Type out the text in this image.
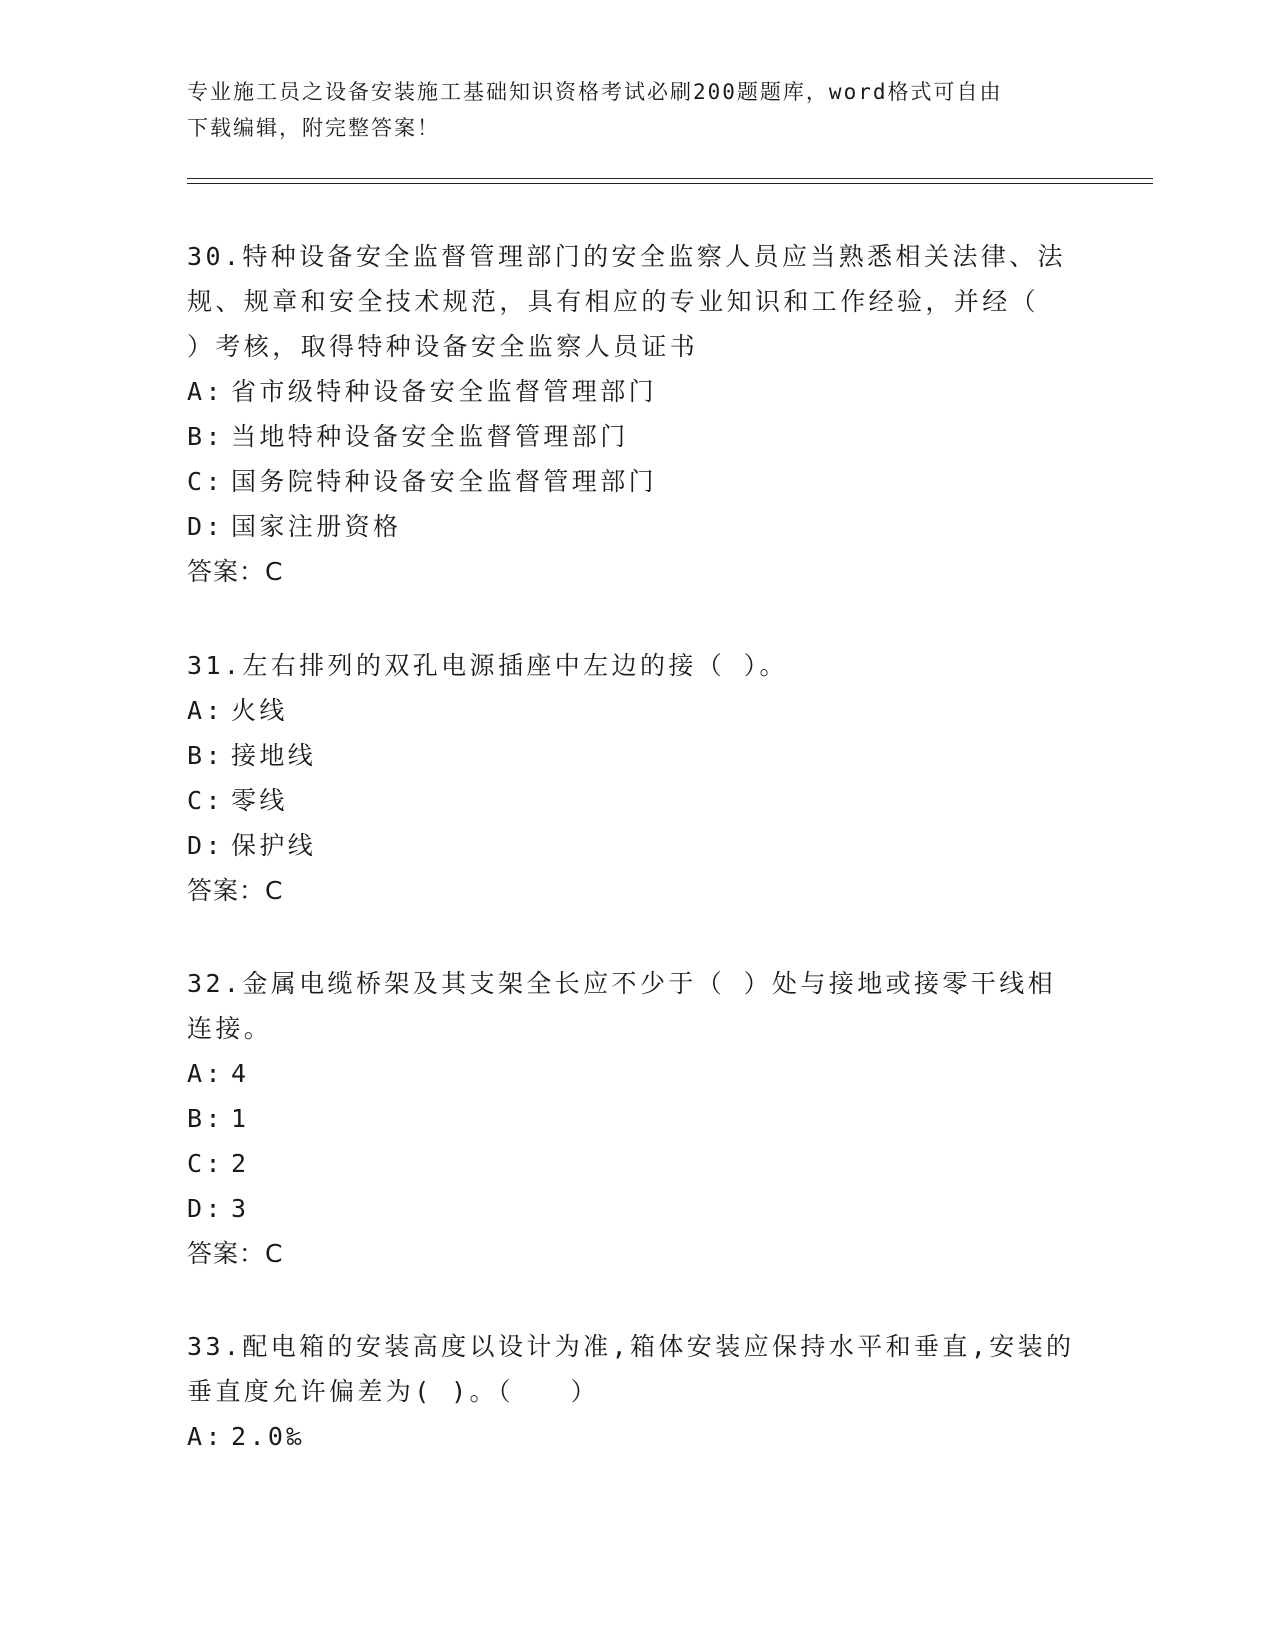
专业施工员之设备安装施工基础知识资格考试必刷200题题库，word格式可自由
下载编辑，附完整答案！
30.特种设备安全监督管理部门的安全监察人员应当熟悉相关法律、法
规、规章和安全技术规范，具有相应的专业知识和工作经验，并经（
）考核，取得特种设备安全监察人员证书
A: 省市级特种设备安全监督管理部门
B: 当地特种设备安全监督管理部门
C: 国务院特种设备安全监督管理部门
D: 国家注册资格
答案：C
31.左右排列的双孔电源插座中左边的接（ ）。
A: 火线
B: 接地线
C: 零线
D: 保护线
答案：C
32.金属电缆桥架及其支架全长应不少于（ ）处与接地或接零干线相
连接。
A: 4
B: 1
C: 2
D: 3
答案：C
33.配电箱的安装高度以设计为准,箱体安装应保持水平和垂直,安装的
垂直度允许偏差为( )。（　　）
A: 2.0‰
